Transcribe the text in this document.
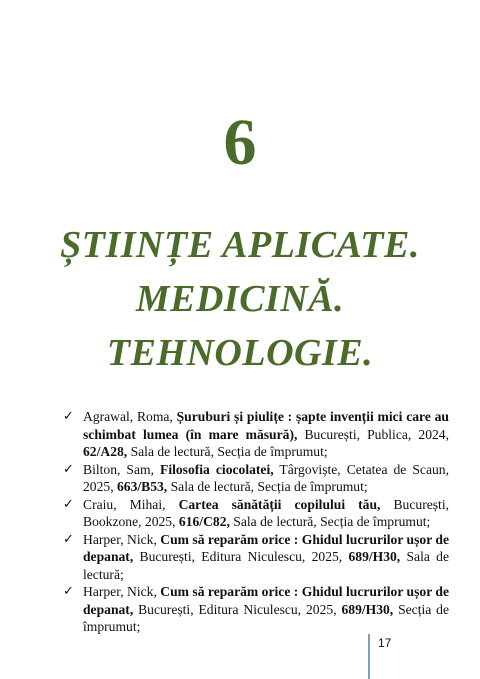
6
ȘTIINȚE APLICATE.
MEDICINĂ.
TEHNOLOGIE.
✓ Agrawal, Roma, Șuruburi și piulițe : șapte invenții mici care au schimbat lumea (în mare măsură), București, Publica, 2024, 62/A28, Sala de lectură, Secția de împrumut;
✓ Bilton, Sam, Filosofia ciocolatei, Târgoviște, Cetatea de Scaun, 2025, 663/B53, Sala de lectură, Secția de împrumut;
✓ Craiu, Mihai, Cartea sănătății copilului tău, București, Bookzone, 2025, 616/C82, Sala de lectură, Secția de împrumut;
✓ Harper, Nick, Cum să reparăm orice : Ghidul lucrurilor ușor de depanat, București, Editura Niculescu, 2025, 689/H30, Sala de lectură;
✓ Harper, Nick, Cum să reparăm orice : Ghidul lucrurilor ușor de depanat, București, Editura Niculescu, 2025, 689/H30, Secția de împrumut;
17
